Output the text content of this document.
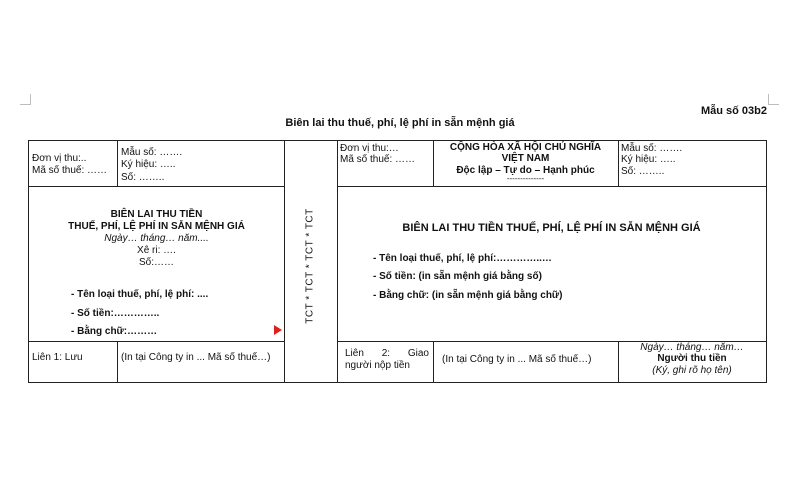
Mẫu số 03b2
Biên lai thu thuế, phí, lệ phí in sẵn mệnh giá
Đơn vị thu:..
Mã số thuế: ……
Mẫu số: …….
Ký hiệu: …..
Số: ……..
BIÊN LAI THU TIỀN
THUẾ, PHÍ, LỆ PHÍ IN SẴN MỆNH GIÁ
Ngày… tháng… năm....
Xê ri: ….
Số:……
- Tên loại thuế, phí, lệ phí: ....
- Số tiền:…………..
- Bằng chữ:………
Liên 1: Lưu	(In tại Công ty in ... Mã số thuế…)
TCT * TCT * TCT * TCT
Đơn vị thu:…
Mã số thuế: ……
CỘNG HÒA XÃ HỘI CHỦ NGHĨA
VIỆT NAM
Độc lập – Tự do – Hạnh phúc
--------------
Mẫu số: …….
Ký hiệu: …..
Số: ……..
BIÊN LAI THU TIỀN THUẾ, PHÍ, LỆ PHÍ IN SẴN MỆNH GIÁ
- Tên loại thuế, phí, lệ phí:…………..…
- Số tiền: (in sẵn mệnh giá bằng số)
- Bằng chữ: (in sẵn mệnh giá bằng chữ)
Liên 2: Giao
người nộp tiền
(In tại Công ty in ... Mã số thuế…)
Ngày… tháng… năm…
Người thu tiền
(Ký, ghi rõ họ tên)
